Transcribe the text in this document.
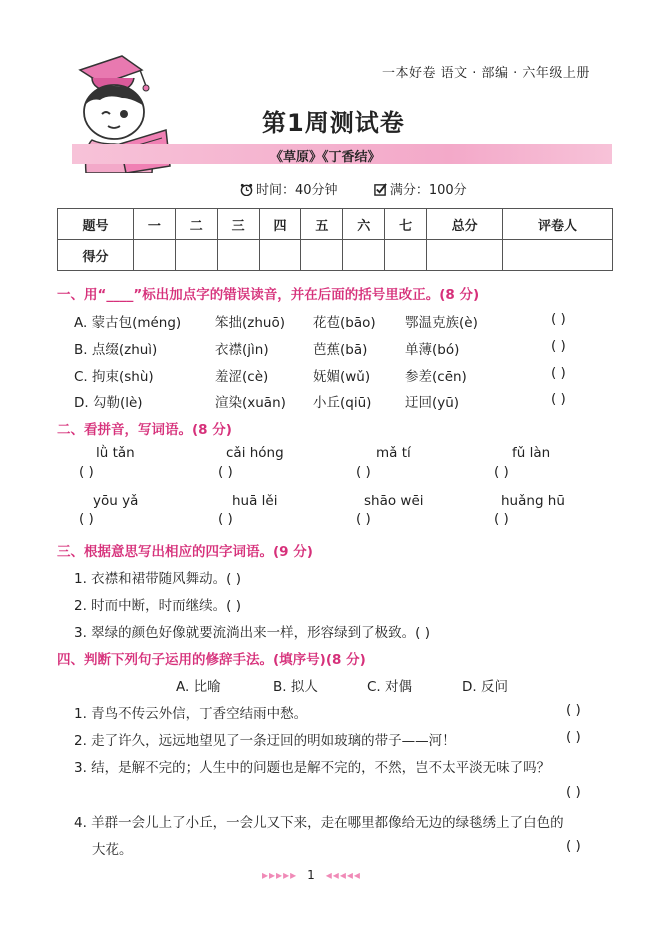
一本好卷 语文 · 部编 · 六年级上册
第1周测试卷
《草原》《丁香结》
时间：40分钟	满分：100分
题号	一	二	三	四	五	六	七	总分	评卷人
得分									
一、用“____”标出加点字的错误读音，并在后面的括号里改正。(8 分)
A. 蒙古包(méng)	笨拙(zhuō) 花苞(bāo) 鄂温克族(è)	( )
B. 点缀(zhuì)	衣襟(jìn)	芭蕉(bā)	单薄(bó)	( )
C. 拘束(shù)	羞涩(cè)	妩媚(wǔ)	参差(cēn)	( )
D. 勾勒(lè)	渲染(xuān) 小丘(qiū) 迂回(yū)	( )
二、看拼音，写词语。(8 分)
lǜ tǎn	cǎi hóng	mǎ tí	fǔ làn
( )	( )	( )	( )
yōu yǎ	huā lěi	shāo wēi	huǎng hū
( )	( )	( )	( )
三、根据意思写出相应的四字词语。(9 分)
1. 衣襟和裙带随风舞动。( )
2. 时而中断，时而继续。( )
3. 翠绿的颜色好像就要流淌出来一样，形容绿到了极致。( )
四、判断下列句子运用的修辞手法。(填序号)(8 分)
A. 比喻	B. 拟人	C. 对偶	D. 反问
1. 青鸟不传云外信，丁香空结雨中愁。	( )
2. 走了许久，远远地望见了一条迂回的明如玻璃的带子——河！	( )
3. 结，是解不完的；人生中的问题也是解不完的，不然，岂不太平淡无味了吗？
( )
4. 羊群一会儿上了小丘，一会儿又下来，走在哪里都像给无边的绿毯绣上了白色的
大花。	( )
▸▸▸▸▸ 1 ◂◂◂◂◂
